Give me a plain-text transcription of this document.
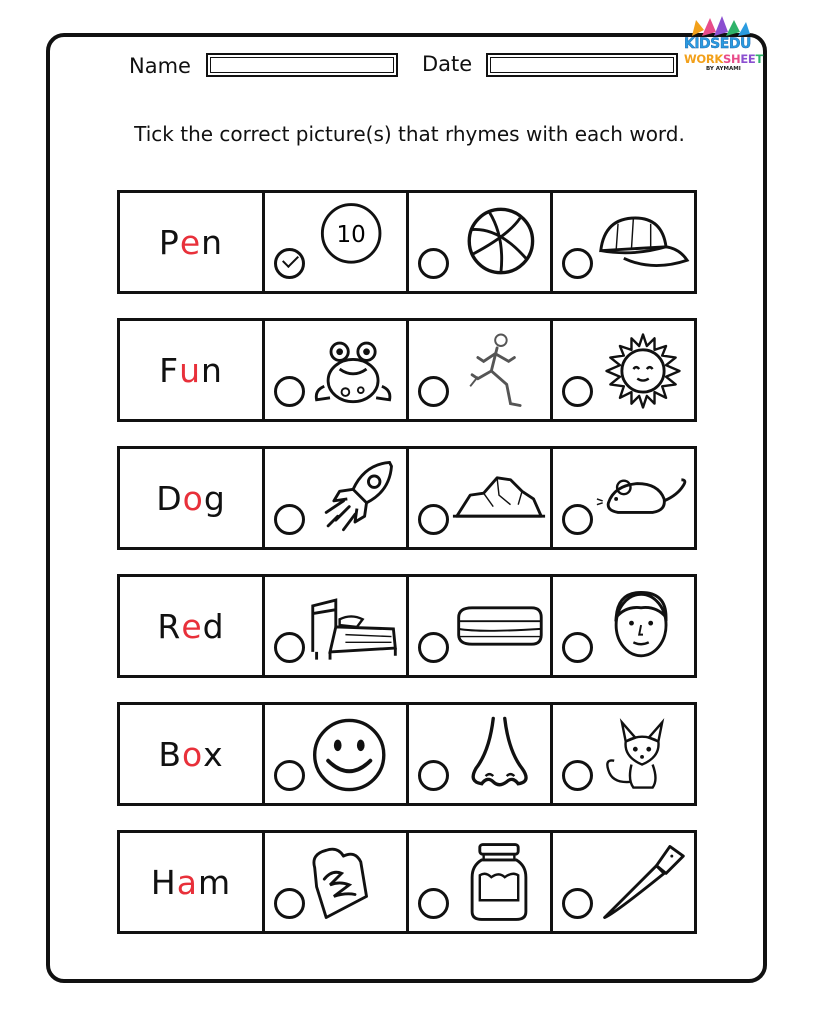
Name	Date
KIDSEDU
WORKSHEET
BY AYMAMI
Tick the correct picture(s) that rhymes with each word.
P e n	10
F u n
D o g
R e d
B o x
H a m
